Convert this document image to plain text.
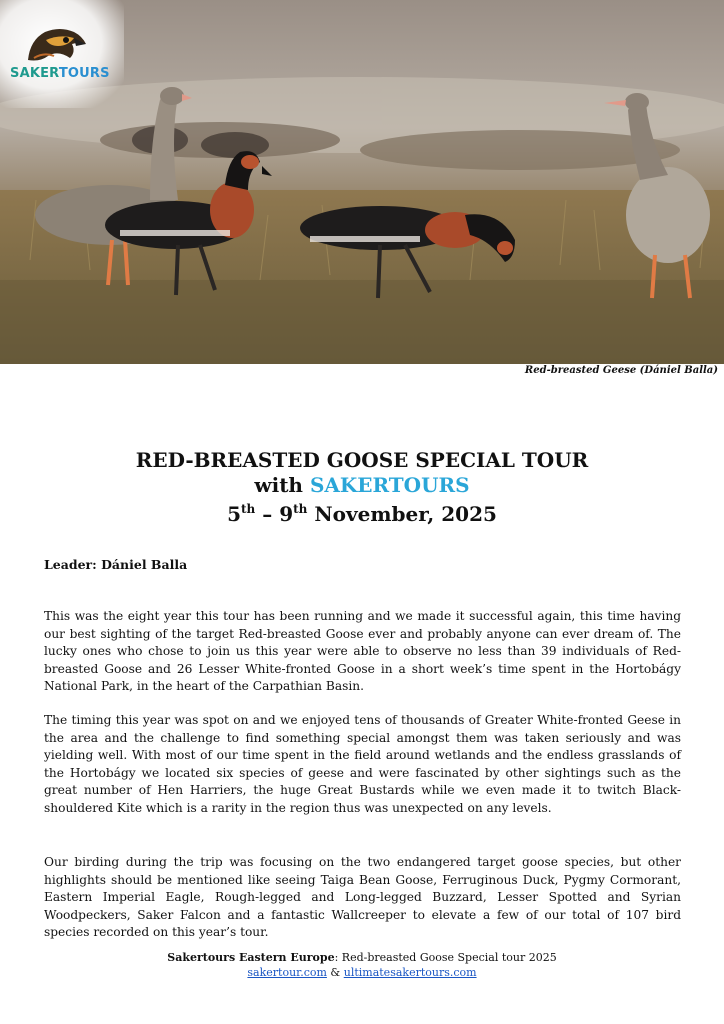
SAKERTOURS
Red-breasted Geese (Dániel Balla)
RED-BREASTED GOOSE SPECIAL TOUR
with SAKERTOURS
5th – 9th November, 2025
Leader: Dániel Balla

This was the eight year this tour has been running and we made it successful again, this time having our best sighting of the target Red-breasted Goose ever and probably anyone can ever dream of. The lucky ones who chose to join us this year were able to observe no less than 39 individuals of Red-breasted Goose and 26 Lesser White-fronted Goose in a short week’s time spent in the Hortobágy National Park, in the heart of the Carpathian Basin.

The timing this year was spot on and we enjoyed tens of thousands of Greater White-fronted Geese in the area and the challenge to find something special amongst them was taken seriously and was yielding well. With most of our time spent in the field around wetlands and the endless grasslands of the Hortobágy we located six species of geese and were fascinated by other sightings such as the great number of Hen Harriers, the huge Great Bustards while we even made it to twitch Black-shouldered Kite which is a rarity in the region thus was unexpected on any levels.

Our birding during the trip was focusing on the two endangered target goose species, but other highlights should be mentioned like seeing Taiga Bean Goose, Ferruginous Duck, Pygmy Cormorant, Eastern Imperial Eagle, Rough-legged and Long-legged Buzzard, Lesser Spotted and Syrian Woodpeckers, Saker Falcon and a fantastic Wallcreeper to elevate a few of our total of 107 bird species recorded on this year’s tour.

Sakertours Eastern Europe: Red-breasted Goose Special tour 2025
sakertour.com & ultimatesakertours.com
